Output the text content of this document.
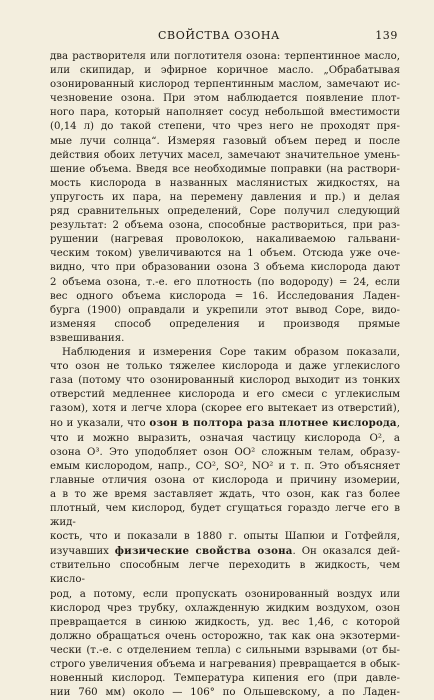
СВОЙСТВА ОЗОНА	139

два растворителя или поглотителя озона: терпентинное масло,

или скипидар, и эфирное коричное масло. „Обрабатывая

озонированный кислород терпентинным маслом, замечают ис-

чезновение озона. При этом наблюдается появление плот-

ного пара, который наполняет сосуд небольшой вместимости

(0,14 л) до такой степени, что чрез него не проходят пря-

мые лучи солнца“. Измеряя газовый объем перед и после

действия обоих летучих масел, замечают значительное умень-

шение объема. Введя все необходимые поправки (на раствори-

мость кислорода в названных маслянистых жидкостях, на

упругость их пара, на перемену давления и пр.) и делая

ряд сравнительных определений, Соре получил следующий

результат: 2 объема озона, способные раствориться, при раз-

рушении (нагревая проволокою, накаливаемою гальвани-

ческим током) увеличиваются на 1 объем. Отсюда уже оче-

видно, что при образовании озона 3 объема кислорода дают

2 объема озона, т.-е. его плотность (по водороду) = 24, если

вес одного объема кислорода = 16. Исследования Ладен-

бурга (1900) оправдали и укрепили этот вывод Соре, видо-

изменяя способ определения и производя прямые взвешивания.

Наблюдения и измерения Соре таким образом показали,

что озон не только тяжелее кислорода и даже углекислого

газа (потому что озонированный кислород выходит из тонких

отверстий медленнее кислорода и его смеси с углекислым

газом), хотя и легче хлора (скорее его вытекает из отверстий),

но и указали, что озон в полтора раза плотнее кислорода,

что и можно выразить, означая частицу кислорода O², а

озона O³. Это уподобляет озон OO² сложным телам, образу-

емым кислородом, напр., CO², SO², NO² и т. п. Это объясняет

главные отличия озона от кислорода и причину изомерии,

а в то же время заставляет ждать, что озон, как газ более

плотный, чем кислород, будет сгущаться гораздо легче его в жид-

кость, что и показали в 1880 г. опыты Шапюи и Готфейля,

изучавших физические свойства озона. Он оказался дей-

ствительно способным легче переходить в жидкость, чем кисло-

род, а потому, если пропускать озонированный воздух или

кислород чрез трубку, охлажденную жидким воздухом, озон

превращается в синюю жидкость, уд. вес 1,46, с которой

должно обращаться очень осторожно, так как она экзотерми-

чески (т.-е. с отделением тепла) с сильными взрывами (от бы-

строго увеличения объема и нагревания) превращается в обык-

новенный кислород. Температура кипения его (при давле-

нии 760 мм) около — 106° по Ольшевскому, а по Ладен-
